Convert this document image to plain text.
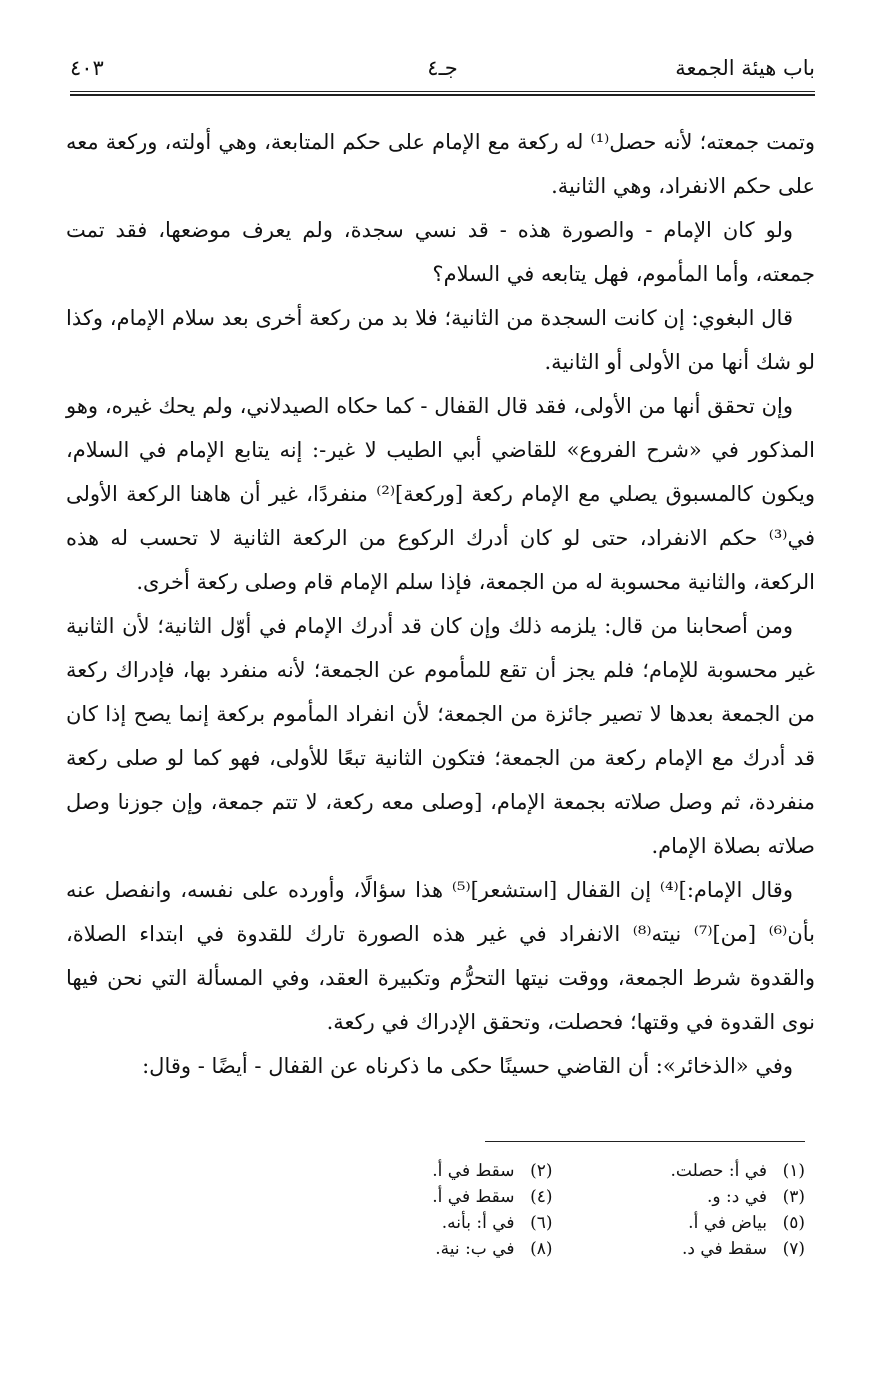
باب هيئة الجمعة
جـ٤
٤٠٣

وتمت جمعته؛ لأنه حصل⁽¹⁾ له ركعة مع الإمام على حكم المتابعة، وهي أولته، وركعة معه على حكم الانفراد، وهي الثانية.

ولو كان الإمام - والصورة هذه - قد نسي سجدة، ولم يعرف موضعها، فقد تمت جمعته، وأما المأموم، فهل يتابعه في السلام؟

قال البغوي: إن كانت السجدة من الثانية؛ فلا بد من ركعة أخرى بعد سلام الإمام، وكذا لو شك أنها من الأولى أو الثانية.

وإن تحقق أنها من الأولى، فقد قال القفال - كما حكاه الصيدلاني، ولم يحك غيره، وهو المذكور في «شرح الفروع» للقاضي أبي الطيب لا غير-: إنه يتابع الإمام في السلام، ويكون كالمسبوق يصلي مع الإمام ركعة [وركعة]⁽²⁾ منفردًا، غير أن هاهنا الركعة الأولى في⁽³⁾ حكم الانفراد، حتى لو كان أدرك الركوع من الركعة الثانية لا تحسب له هذه الركعة، والثانية محسوبة له من الجمعة، فإذا سلم الإمام قام وصلى ركعة أخرى.

ومن أصحابنا من قال: يلزمه ذلك وإن كان قد أدرك الإمام في أوّل الثانية؛ لأن الثانية غير محسوبة للإمام؛ فلم يجز أن تقع للمأموم عن الجمعة؛ لأنه منفرد بها، فإدراك ركعة من الجمعة بعدها لا تصير جائزة من الجمعة؛ لأن انفراد المأموم بركعة إنما يصح إذا كان قد أدرك مع الإمام ركعة من الجمعة؛ فتكون الثانية تبعًا للأولى، فهو كما لو صلى ركعة منفردة، ثم وصل صلاته بجمعة الإمام، [وصلى معه ركعة، لا تتم جمعة، وإن جوزنا وصل صلاته بصلاة الإمام.

وقال الإمام:]⁽⁴⁾ إن القفال [استشعر]⁽⁵⁾ هذا سؤالًا، وأورده على نفسه، وانفصل عنه بأن⁽⁶⁾ [من]⁽⁷⁾ نيته⁽⁸⁾ الانفراد في غير هذه الصورة تارك للقدوة في ابتداء الصلاة، والقدوة شرط الجمعة، ووقت نيتها التحرُّم وتكبيرة العقد، وفي المسألة التي نحن فيها نوى القدوة في وقتها؛ فحصلت، وتحقق الإدراك في ركعة.

وفي «الذخائر»: أن القاضي حسينًا حكى ما ذكرناه عن القفال - أيضًا - وقال:

(١)في أ: حصلت.
(٢)سقط في أ.
(٣)في د: و.
(٤)سقط في أ.
(٥)بياض في أ.
(٦)في أ: بأنه.
(٧)سقط في د.
(٨)في ب: نية.
